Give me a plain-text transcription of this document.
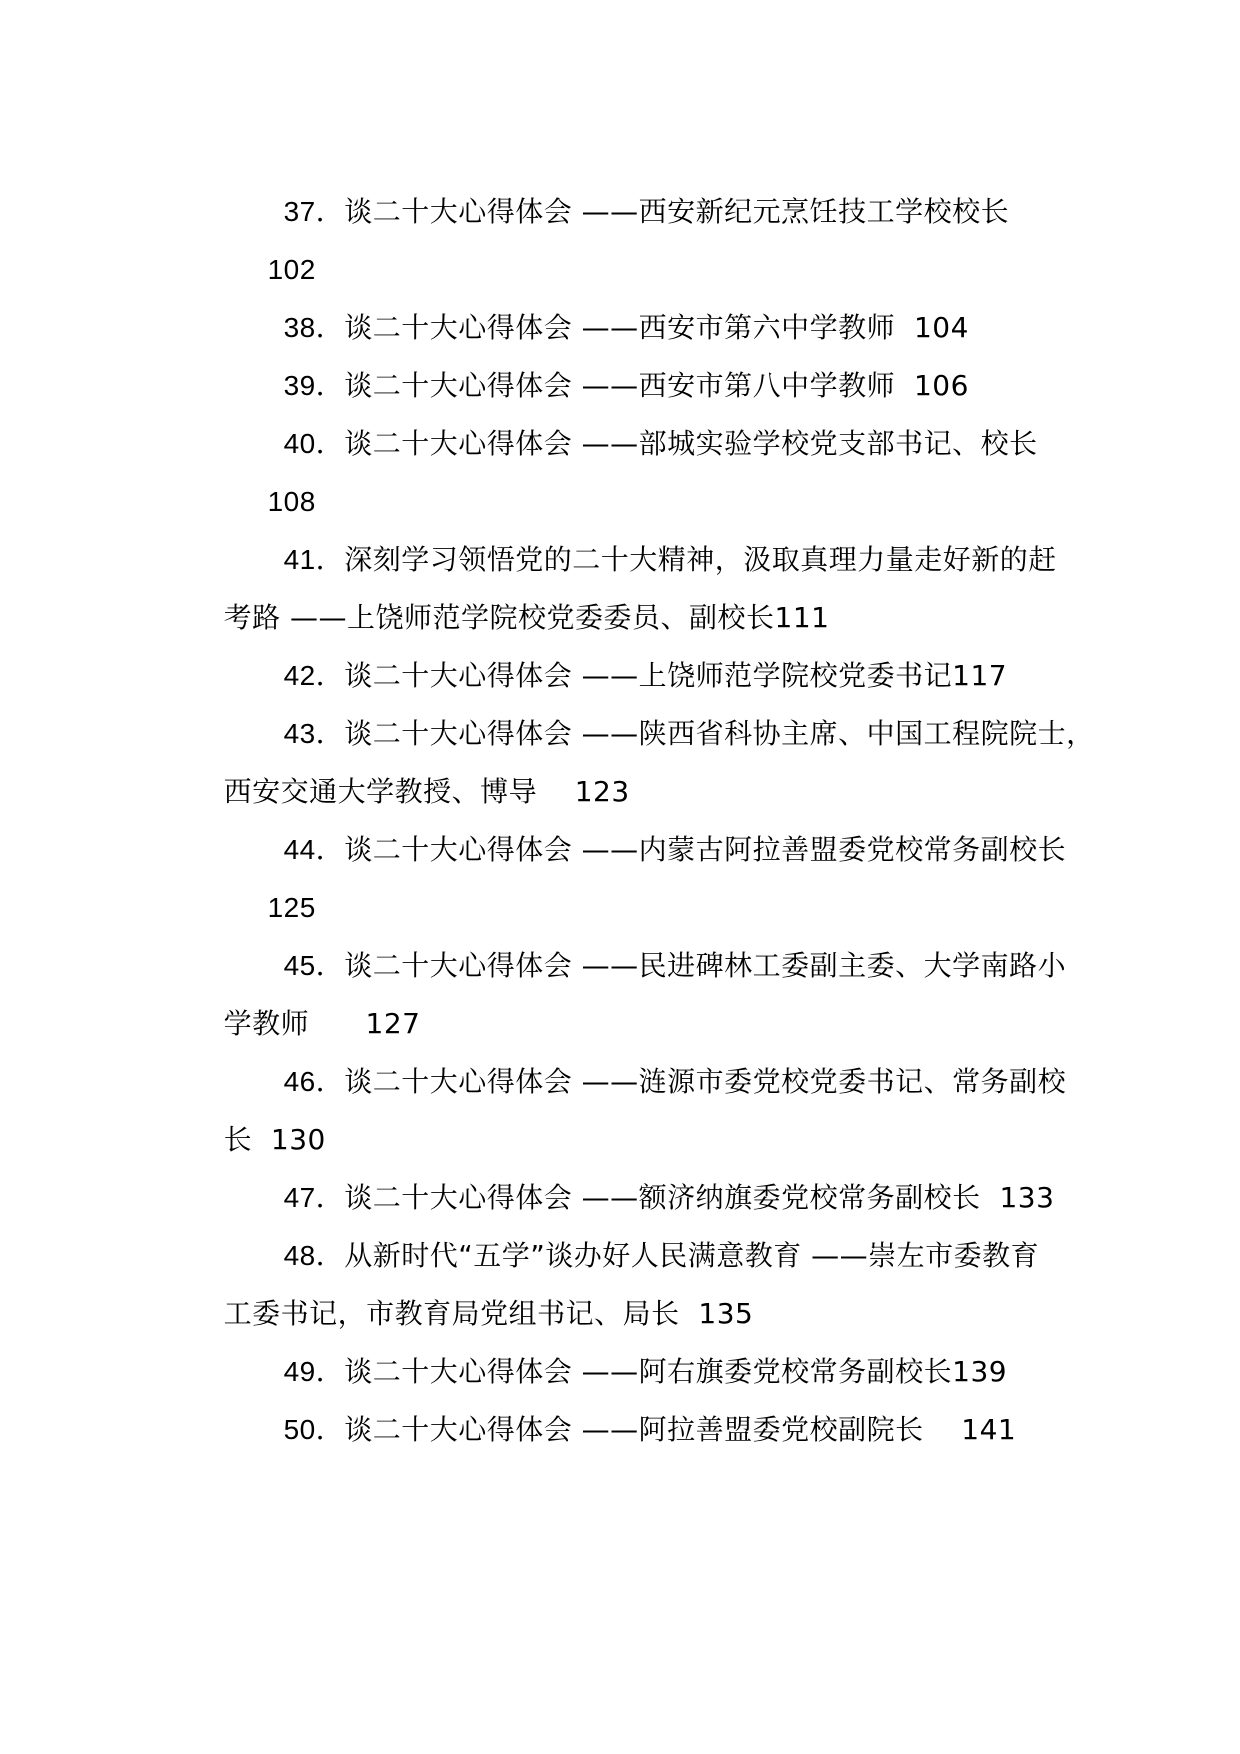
37．谈二十大心得体会 ——西安新纪元烹饪技工学校校长

102

38．谈二十大心得体会 ——西安市第六中学教师  104

39．谈二十大心得体会 ——西安市第八中学教师  106

40．谈二十大心得体会 ——部城实验学校党支部书记、校长

108

41．深刻学习领悟党的二十大精神，汲取真理力量走好新的赶

考路 ——上饶师范学院校党委委员、副校长111

42．谈二十大心得体会 ——上饶师范学院校党委书记117

43．谈二十大心得体会 ——陕西省科协主席、中国工程院院士，

西安交通大学教授、博导    123

44．谈二十大心得体会 ——内蒙古阿拉善盟委党校常务副校长

125

45．谈二十大心得体会 ——民进碑林工委副主委、大学南路小

学教师      127

46．谈二十大心得体会 ——涟源市委党校党委书记、常务副校

长  130

47．谈二十大心得体会 ——额济纳旗委党校常务副校长  133

48．从新时代“五学”谈办好人民满意教育 ——崇左市委教育

工委书记，市教育局党组书记、局长  135

49．谈二十大心得体会 ——阿右旗委党校常务副校长139

50．谈二十大心得体会 ——阿拉善盟委党校副院长    141
